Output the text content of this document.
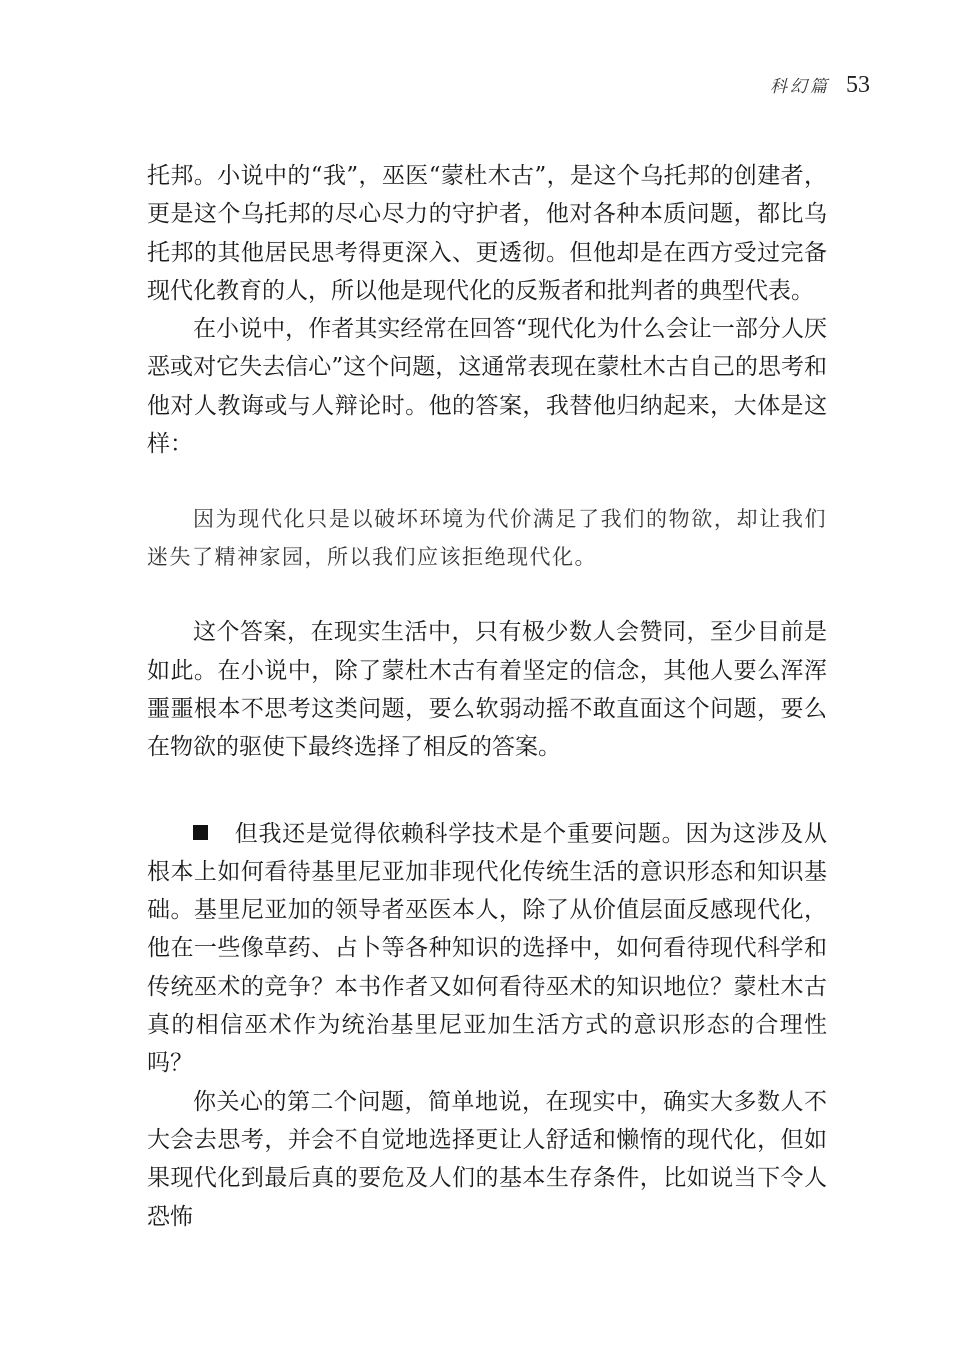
科幻篇 53

托邦。小说中的“我”，巫医“蒙杜木古”，是这个乌托邦的创建者，更是这个乌托邦的尽心尽力的守护者，他对各种本质问题，都比乌托邦的其他居民思考得更深入、更透彻。但他却是在西方受过完备现代化教育的人，所以他是现代化的反叛者和批判者的典型代表。

在小说中，作者其实经常在回答“现代化为什么会让一部分人厌恶或对它失去信心”这个问题，这通常表现在蒙杜木古自己的思考和他对人教诲或与人辩论时。他的答案，我替他归纳起来，大体是这样：

因为现代化只是以破坏环境为代价满足了我们的物欲，却让我们迷失了精神家园，所以我们应该拒绝现代化。

这个答案，在现实生活中，只有极少数人会赞同，至少目前是如此。在小说中，除了蒙杜木古有着坚定的信念，其他人要么浑浑噩噩根本不思考这类问题，要么软弱动摇不敢直面这个问题，要么在物欲的驱使下最终选择了相反的答案。

但我还是觉得依赖科学技术是个重要问题。因为这涉及从根本上如何看待基里尼亚加非现代化传统生活的意识形态和知识基础。基里尼亚加的领导者巫医本人，除了从价值层面反感现代化，他在一些像草药、占卜等各种知识的选择中，如何看待现代科学和传统巫术的竞争？本书作者又如何看待巫术的知识地位？蒙杜木古真的相信巫术作为统治基里尼亚加生活方式的意识形态的合理性吗？

你关心的第二个问题，简单地说，在现实中，确实大多数人不大会去思考，并会不自觉地选择更让人舒适和懒惰的现代化，但如果现代化到最后真的要危及人们的基本生存条件，比如说当下令人恐怖
